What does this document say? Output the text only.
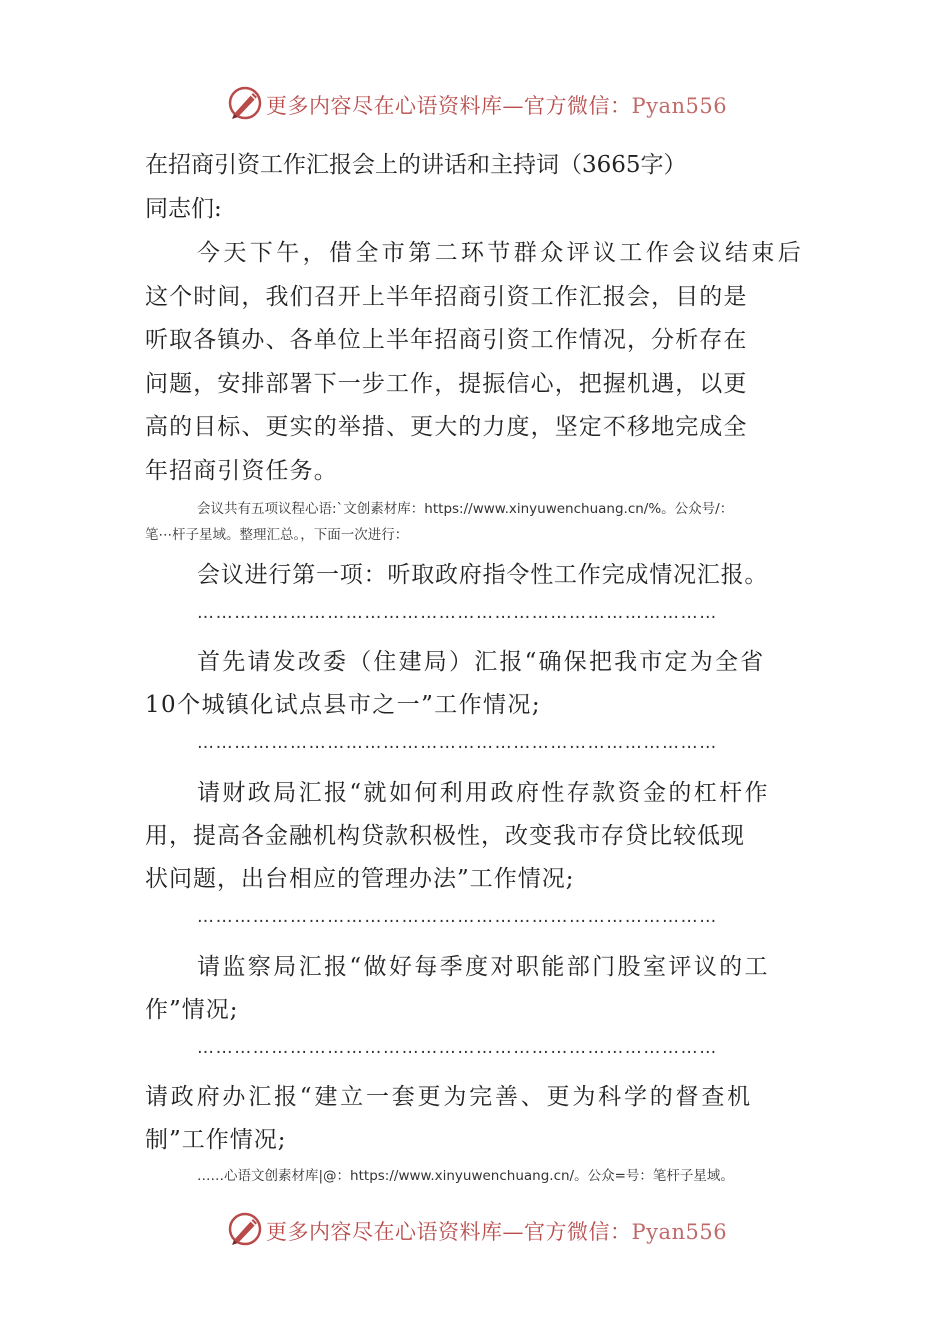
更多内容尽在心语资料库—官方微信：Pyan556
在招商引资工作汇报会上的讲话和主持词（3665字）
同志们:
今天下午，借全市第二环节群众评议工作会议结束后
这个时间，我们召开上半年招商引资工作汇报会，目的是
听取各镇办、各单位上半年招商引资工作情况，分析存在
问题，安排部署下一步工作，提振信心，把握机遇，以更
高的目标、更实的举措、更大的力度，坚定不移地完成全
年招商引资任务。
会议共有五项议程心语:`文创素材库：https://www.xinyuwenchuang.cn/%。公众号/：
笔⋯杆子星域。整理汇总。，下面一次进行：
会议进行第一项：听取政府指令性工作完成情况汇报。
…………………………………………………………………………
首先请发改委（住建局）汇报“确保把我市定为全省
10个城镇化试点县市之一”工作情况;
…………………………………………………………………………
请财政局汇报“就如何利用政府性存款资金的杠杆作
用，提高各金融机构贷款积极性，改变我市存贷比较低现
状问题，出台相应的管理办法”工作情况;
…………………………………………………………………………
请监察局汇报“做好每季度对职能部门股室评议的工
作”情况;
…………………………………………………………………………
请政府办汇报“建立一套更为完善、更为科学的督查机
制”工作情况;
……心语文创素材库|@：https://www.xinyuwenchuang.cn/。公众=号：笔杆子星域。
更多内容尽在心语资料库—官方微信：Pyan556
